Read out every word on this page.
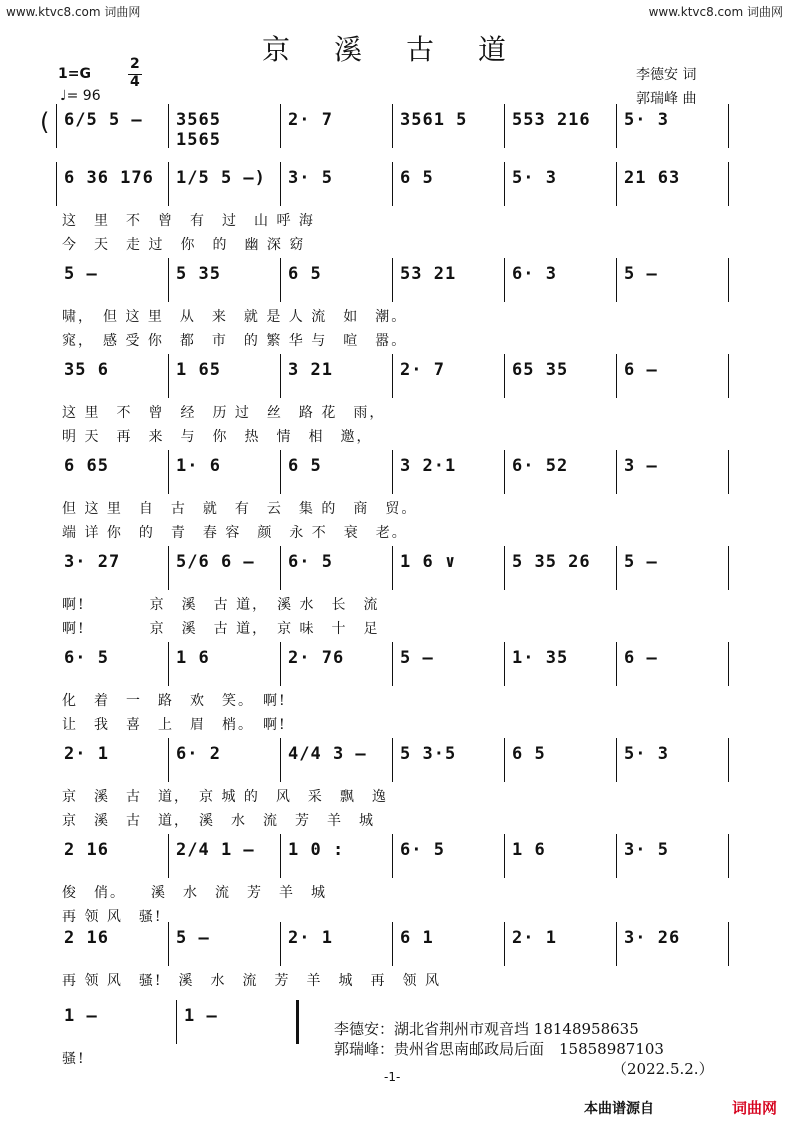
www.ktvc8.com 词曲网	www.ktvc8.com 词曲网
京溪古道
1=G
2
4
♩= 96
李德安 词
郭瑞峰 曲
( 6/5 5 – 3565 1565
2· 7	3561 5	553 216 5· 3
6 36 176 1/5 5 –) 3· 5	6 5	5· 3	21 63
这　里　不　曾　有　过　山 呼 海
今　天　走 过　你　的　幽 深 窈
5 –	5 35	6 5	53 21	6· 3	5 –
啸，　但 这 里　从　来　就 是 人 流　如　潮。
窕，　感 受 你　都　市　的 繁 华 与　喧　嚣。
35 6	1 65	3 21	2· 7	65 35	6 –
这 里　不　曾　经　历 过　丝　路 花　雨，
明 天　再　来　与　你　热　情　相　邀，
6 65	1· 6	6 5	3 2·1	6· 52	3 –
但 这 里　自　古　就　有　云　集 的　商　贸。
端 详 你　的　青　春 容　颜　永 不　衰　老。
3· 27	5/6 6 – 6· 5	1 6 ∨	5 35 26 5 –
啊!　　　　京　溪　古 道，　溪 水　长　流
啊!　　　　京　溪　古 道，　京 味　十　足
6· 5	1 6	2· 76	5 –	1· 35	6 –
化　着　一　路　欢　笑。　啊!
让　我　喜　上　眉　梢。　啊!
2· 1	6· 2	4/4 3 – 5 3·5	6 5	5· 3
京　溪　古　道，　京 城 的　风　采　飘　逸
京　溪　古　道，　溪　水　流　芳　羊　城
2 16	2/4 1 – 1 0 :	6· 5	1 6	3· 5
俊　俏。　　溪　水　流　芳　羊　城
再 领 风　骚!
2 16	5 –	2· 1	6 1	2· 1	3· 26
再 领 风　骚!　溪　水　流　芳　羊　城　再　领 风
1 –	1 –
骚!
李德安：湖北省荆州市观音垱 18148958635
郭瑞峰：贵州省思南邮政局后面　15858987103
（2022.5.2.）
-1-
本曲谱源自	词曲网
